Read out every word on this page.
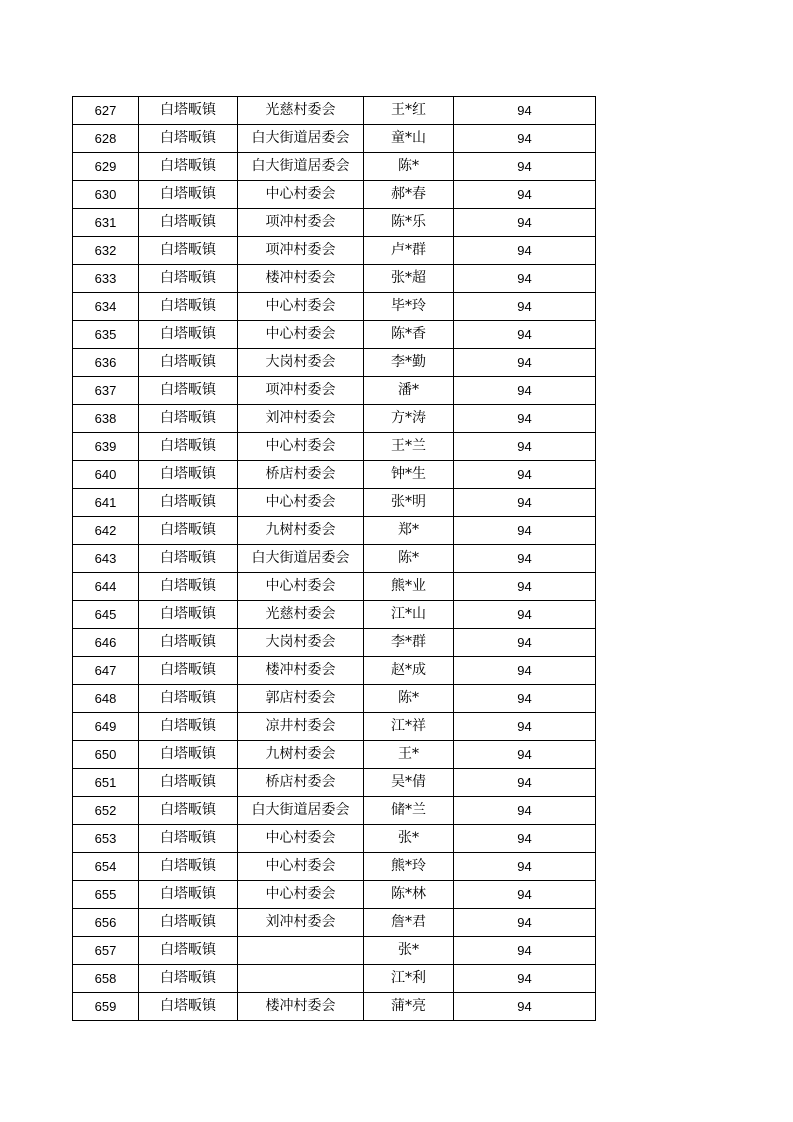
627	白塔畈镇	光慈村委会	王*红	94
628	白塔畈镇	白大街道居委会	童*山	94
629	白塔畈镇	白大街道居委会	陈*	94
630	白塔畈镇	中心村委会	郝*春	94
631	白塔畈镇	项冲村委会	陈*乐	94
632	白塔畈镇	项冲村委会	卢*群	94
633	白塔畈镇	楼冲村委会	张*超	94
634	白塔畈镇	中心村委会	毕*玲	94
635	白塔畈镇	中心村委会	陈*香	94
636	白塔畈镇	大岗村委会	李*勤	94
637	白塔畈镇	项冲村委会	潘*	94
638	白塔畈镇	刘冲村委会	方*涛	94
639	白塔畈镇	中心村委会	王*兰	94
640	白塔畈镇	桥店村委会	钟*生	94
641	白塔畈镇	中心村委会	张*明	94
642	白塔畈镇	九树村委会	郑*	94
643	白塔畈镇	白大街道居委会	陈*	94
644	白塔畈镇	中心村委会	熊*业	94
645	白塔畈镇	光慈村委会	江*山	94
646	白塔畈镇	大岗村委会	李*群	94
647	白塔畈镇	楼冲村委会	赵*成	94
648	白塔畈镇	郭店村委会	陈*	94
649	白塔畈镇	凉井村委会	江*祥	94
650	白塔畈镇	九树村委会	王*	94
651	白塔畈镇	桥店村委会	吴*倩	94
652	白塔畈镇	白大街道居委会	储*兰	94
653	白塔畈镇	中心村委会	张*	94
654	白塔畈镇	中心村委会	熊*玲	94
655	白塔畈镇	中心村委会	陈*林	94
656	白塔畈镇	刘冲村委会	詹*君	94
657	白塔畈镇		张*	94
658	白塔畈镇		江*利	94
659	白塔畈镇	楼冲村委会	蒲*亮	94
